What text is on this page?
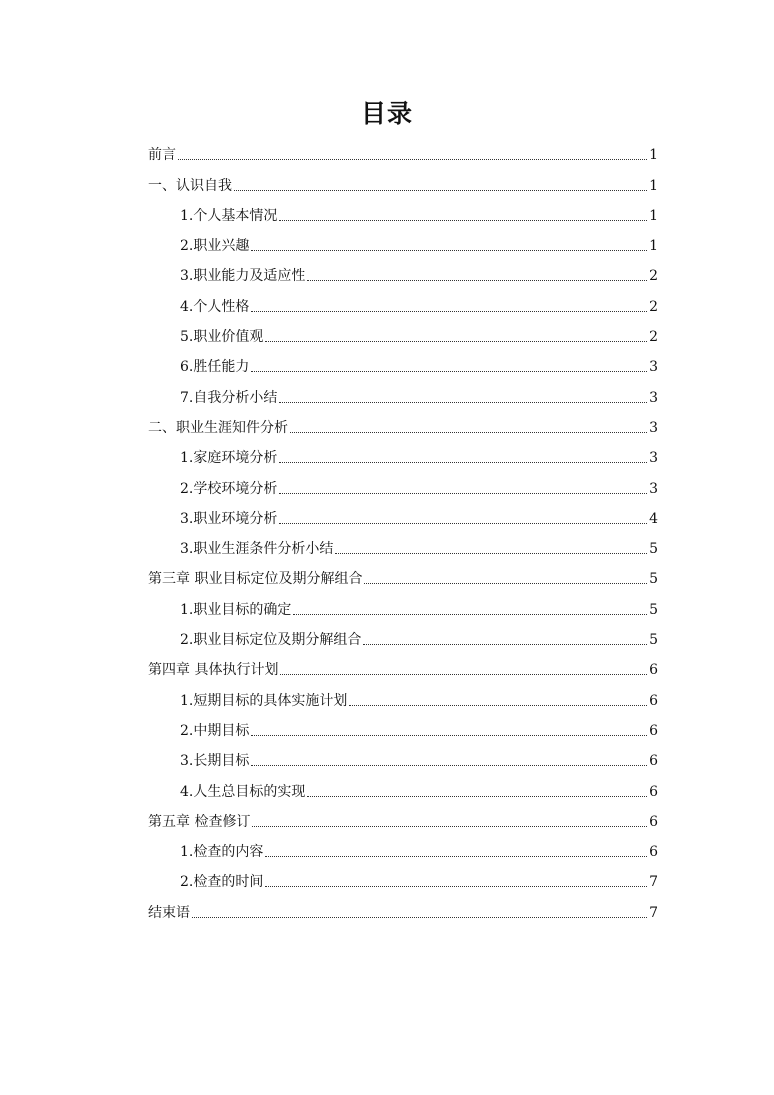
目录
前言	1
一、认识自我	1
1.个人基本情况	1
2.职业兴趣	1
3.职业能力及适应性	2
4.个人性格	2
5.职业价值观	2
6.胜任能力	3
7.自我分析小结	3
二、职业生涯知件分析	3
1.家庭环境分析	3
2.学校环境分析	3
3.职业环境分析	4
3.职业生涯条件分析小结	5
第三章 职业目标定位及期分解组合	5
1.职业目标的确定	5
2.职业目标定位及期分解组合	5
第四章 具体执行计划	6
1.短期目标的具体实施计划	6
2.中期目标	6
3.长期目标	6
4.人生总目标的实现	6
第五章 检查修订	6
1.检查的内容	6
2.检查的时间	7
结束语	7
